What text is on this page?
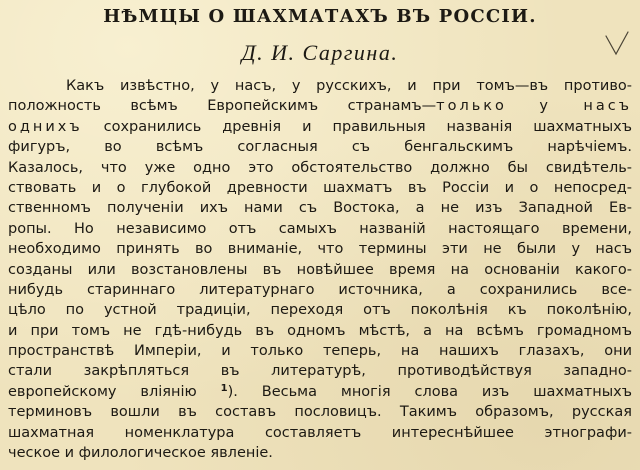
НѢМЦЫ О ШАХМАТАХЪ ВЪ РОССІИ.
Д. И. Саргина.
Какъ извѣстно, у насъ, у русскихъ, и при томъ—въ противо-
положность всѣмъ Европейскимъ странамъ—только у насъ
однихъ сохранились древнія и правильныя названія шахматныхъ
фигуръ, во всѣмъ согласныя съ бенгальскимъ нарѣчіемъ.
Казалось, что уже одно это обстоятельство должно бы свидѣтель-
ствовать и о глубокой древности шахматъ въ Россіи и о непосред-
ственномъ полученіи ихъ нами съ Востока, а не изъ Западной Ев-
ропы. Но независимо отъ самыхъ названій настоящаго времени,
необходимо принять во вниманіе, что термины эти не были у насъ
созданы или возстановлены въ новѣйшее время на основаніи какого-
нибудь стариннаго литературнаго источника, а сохранились все-
цѣло по устной традиціи, переходя отъ поколѣнія къ поколѣнію,
и при томъ не гдѣ-нибудь въ одномъ мѣстѣ, а на всѣмъ громадномъ
пространствѣ Имперіи, и только теперь, на нашихъ глазахъ, они
стали закрѣпляться въ литературѣ, противодѣйствуя западно-
европейскому вліянію $^1$). Весьма многія слова изъ шахматныхъ
терминовъ вошли въ составъ пословицъ. Такимъ образомъ, русская
шахматная номенклатура составляетъ интереснѣйшее этнографи-
ческое и филологическое явленіе.
